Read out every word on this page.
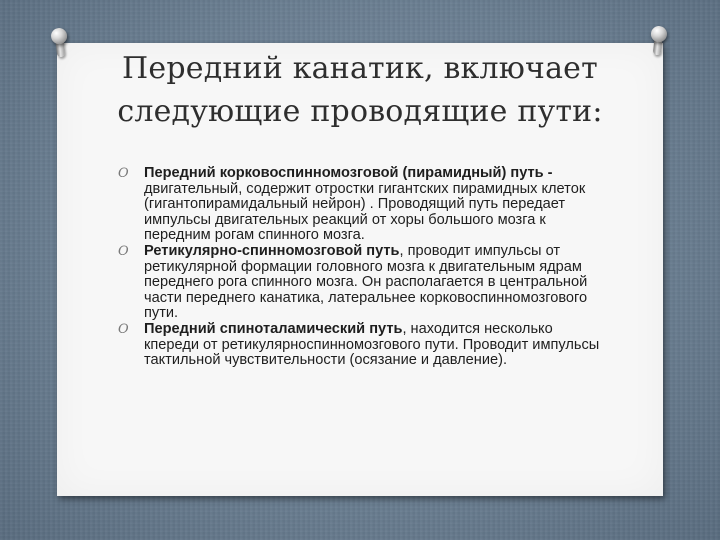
Передний канатик, включает
следующие проводящие пути:

O Передний корковоспинномозговой (пирамидный) путь - двигательный, содержит отростки гигантских пирамидных клеток (гигантопирамидальный нейрон) . Проводящий путь передает импульсы двигательных реакций от хоры большого мозга к передним рогам спинного мозга.

O Ретикулярно-спинномозговой путь, проводит импульсы от ретикулярной формации головного мозга к двигательным ядрам переднего рога спинного мозга. Он располагается в центральной части переднего канатика, латеральнее корковоспинномозгового пути.

O Передний спиноталамический путь, находится несколько кпереди от ретикулярноспинномозгового пути. Проводит импульсы тактильной чувствительности (осязание и давление).
